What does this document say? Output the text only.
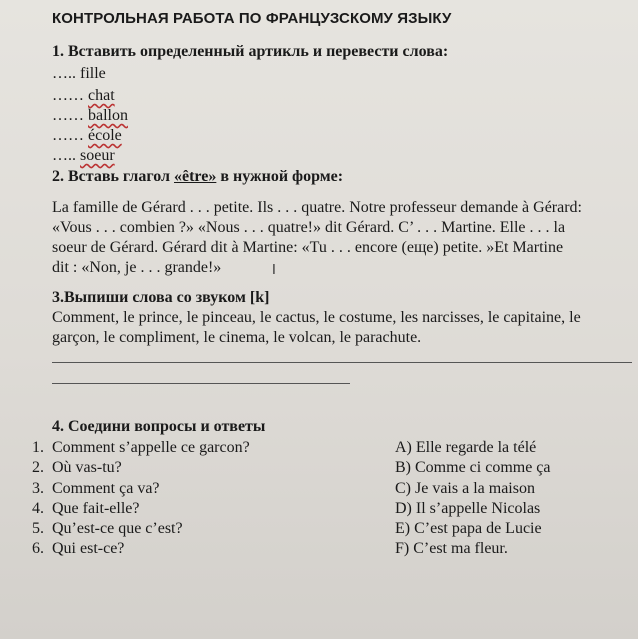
КОНТРОЛЬНАЯ РАБОТА ПО ФРАНЦУЗСКОМУ ЯЗЫКУ
1. Вставить определенный артикль и перевести слова:
….. fille
…… chat
…… ballon
…… école
….. soeur
2. Вставь глагол «être» в нужной форме:
La famille de Gérard . . . petite. Ils . . . quatre. Notre professeur demande à Gérard:
«Vous . . . combien ?» «Nous . . . quatre!» dit Gérard. C’ . . . Martine. Elle . . . la
soeur de Gérard. Gérard dit à Martine: «Tu . . . encore (еще) petite. »Et Martine
dit : «Non, je . . . grande!»	I
3.Выпиши слова со звуком [k]
Comment, le prince, le pinceau, le cactus, le costume, les narcisses, le capitaine, le
garçon, le compliment, le cinema, le volcan, le parachute.
4. Соедини вопросы и ответы
1. Comment s’appelle ce garcon?
2. Où vas-tu?
3. Comment ça va?
4. Que fait-elle?
5. Qu’est-ce que c’est?
6. Qui est-ce?
A) Elle regarde la télé
B) Comme ci comme ça
C) Je vais a la maison
D) Il s’appelle Nicolas
E) C’est papa de Lucie
F) C’est ma fleur.
